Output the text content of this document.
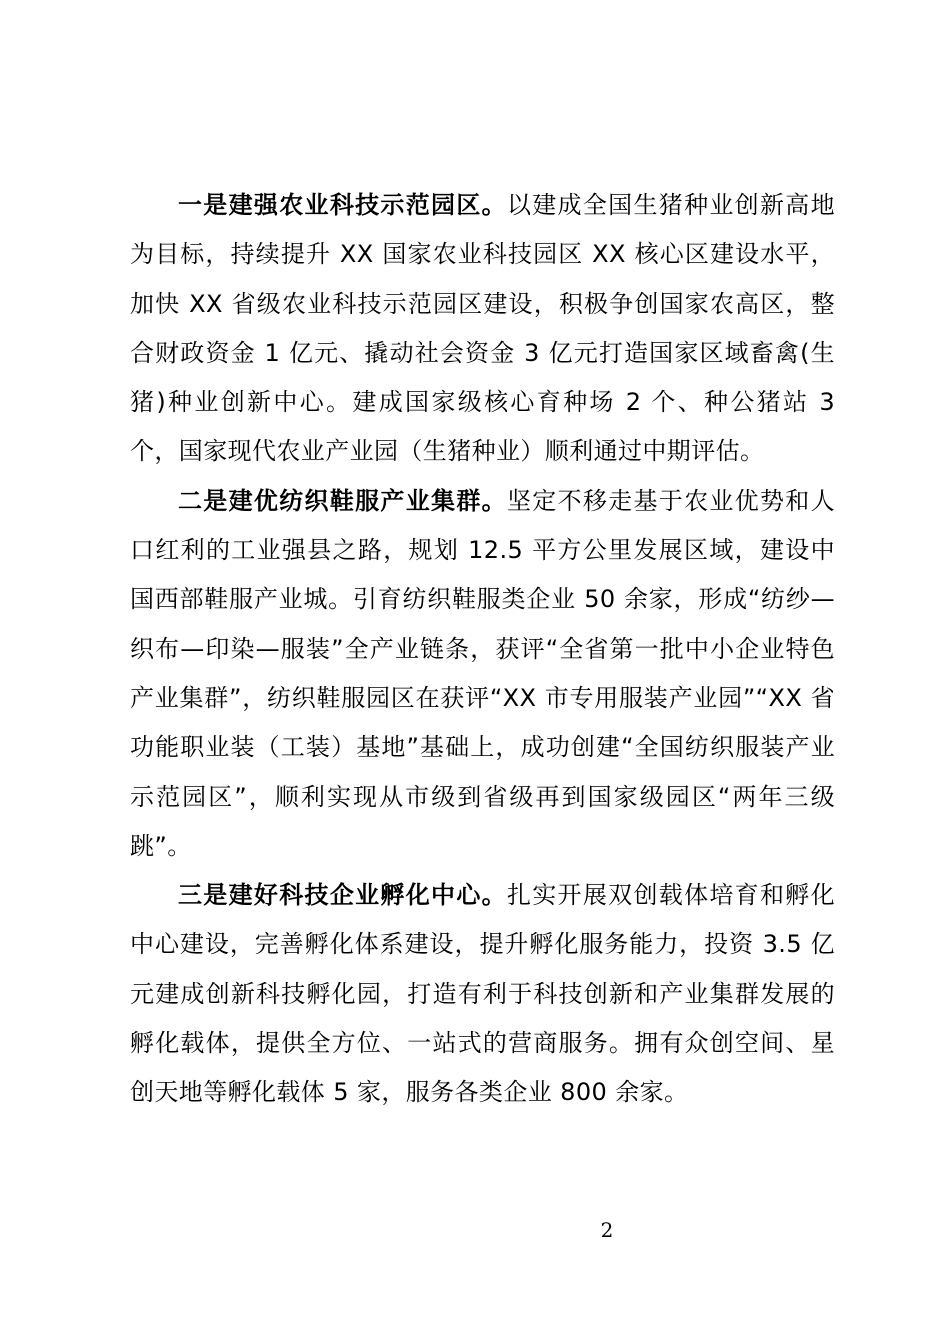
一是建强农业科技示范园区。以建成全国生猪种业创新高地为目标，持续提升 XX 国家农业科技园区 XX 核心区建设水平，加快 XX 省级农业科技示范园区建设，积极争创国家农高区，整合财政资金 1 亿元、撬动社会资金 3 亿元打造国家区域畜禽(生猪)种业创新中心。建成国家级核心育种场 2 个、种公猪站 3 个，国家现代农业产业园（生猪种业）顺利通过中期评估。

二是建优纺织鞋服产业集群。坚定不移走基于农业优势和人口红利的工业强县之路，规划 12.5 平方公里发展区域，建设中国西部鞋服产业城。引育纺织鞋服类企业 50 余家，形成“纺纱—织布—印染—服装”全产业链条，获评“全省第一批中小企业特色产业集群”，纺织鞋服园区在获评“XX 市专用服装产业园”“XX 省功能职业装（工装）基地”基础上，成功创建“全国纺织服装产业示范园区”，顺利实现从市级到省级再到国家级园区“两年三级跳”。

三是建好科技企业孵化中心。扎实开展双创载体培育和孵化中心建设，完善孵化体系建设，提升孵化服务能力，投资 3.5 亿元建成创新科技孵化园，打造有利于科技创新和产业集群发展的孵化载体，提供全方位、一站式的营商服务。拥有众创空间、星创天地等孵化载体 5 家，服务各类企业 800 余家。

2
